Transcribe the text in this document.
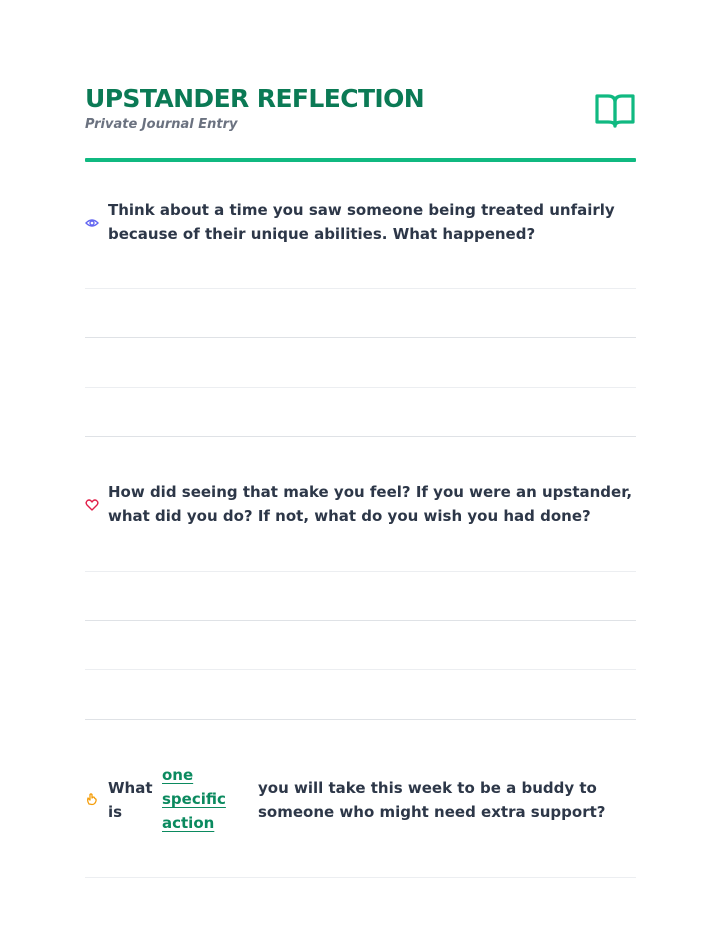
UPSTANDER REFLECTION
Private Journal Entry
Think about a time you saw someone being treated unfairly because of their unique abilities. What happened?
How did seeing that make you feel? If you were an upstander, what did you do? If not, what do you wish you had done?
What is
one specific action
you will take this week to be a buddy to someone who might need extra support?
